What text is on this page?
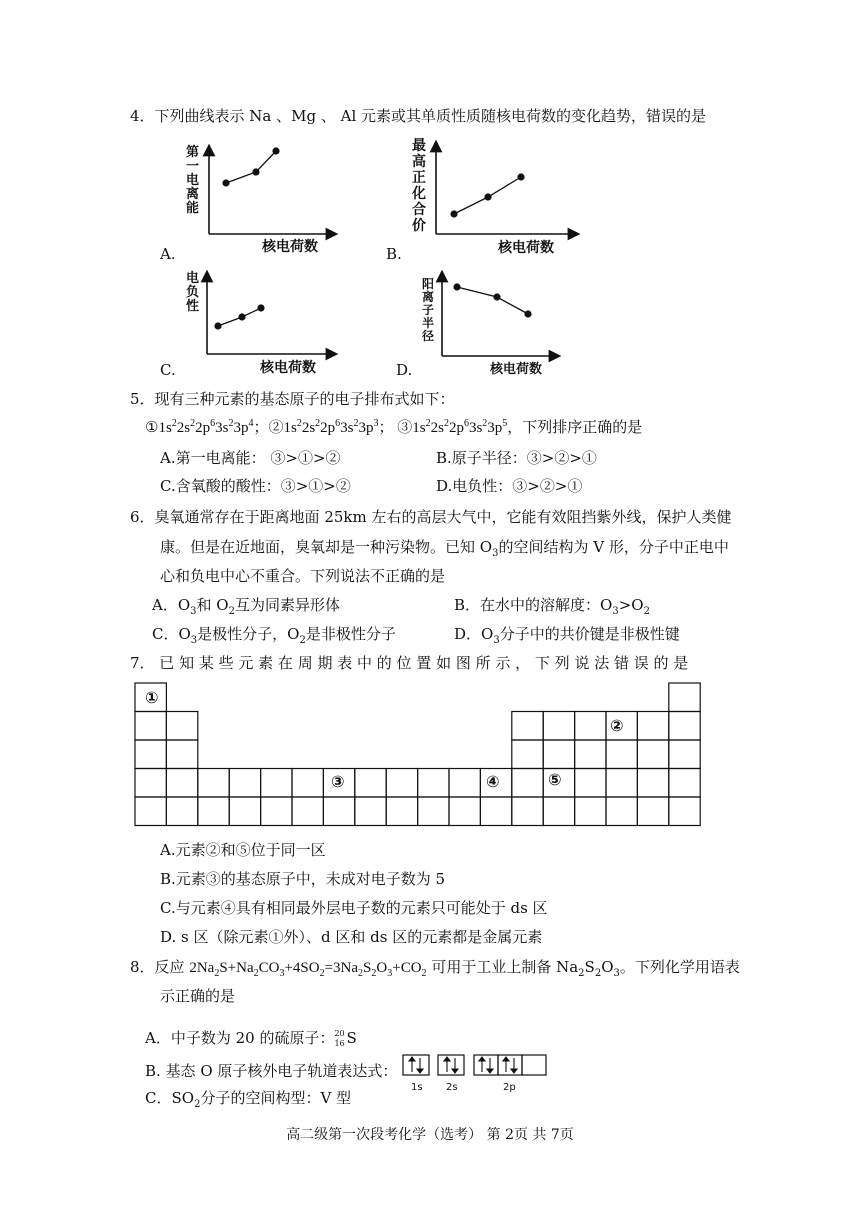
4．下列曲线表示 Na 、Mg 、 Al 元素或其单质性质随核电荷数的变化趋势，错误的是
第
一
电
离
能
核电荷数
最
高
正
化
合
价
核电荷数
电
负
性
核电荷数
阳
离
子
半
径
核电荷数
A.	B.
C.	D.
5．现有三种元素的基态原子的电子排布式如下：
$①1s^22s^22p^63s^23p^4$；$②1s^22s^22p^63s^23p^3$； $③1s^22s^22p^63s^23p^5$，下列排序正确的是
A.第一电离能： ③>①>②	B.原子半径：③>②>①
C.含氧酸的酸性：③>①>②	D.电负性：③>②>①
6．臭氧通常存在于距离地面 25km 左右的高层大气中，它能有效阻挡紫外线，保护人类健
康。但是在近地面，臭氧却是一种污染物。已知 $O_3$的空间结构为 V 形，分子中正电中
心和负电中心不重合。下列说法不正确的是
A．$O_3$和 $O_2$互为同素异形体	B．在水中的溶解度：$O_3>O_2$
C．$O_3$是极性分子，$O_2$是非极性分子	D．$O_3$分子中的共价键是非极性键
7． 已 知 某 些 元 素 在 周 期 表 中 的 位 置 如 图 所 示 ， 下 列 说 法 错 误 的 是
①
②
③	④	⑤
A.元素②和⑤位于同一区
B.元素③的基态原子中，未成对电子数为 5
C.与元素④具有相同最外层电子数的元素只可能处于 ds 区
D. s 区（除元素①外）、d 区和 ds 区的元素都是金属元素
8．反应 $2Na_2S+Na_2CO_3+4SO_2=3Na_2S_2O_3+CO_2$ 可用于工业上制备 $Na_2S_2O_3$。下列化学用语表
示正确的是
A．中子数为 20 的硫原子： 20
16 S
B. 基态 O 原子核外电子轨道表达式：
1s 2s	2p
C．$SO_2$分子的空间构型：V 型
高二级第一次段考化学（选考） 第 2页 共 7页
